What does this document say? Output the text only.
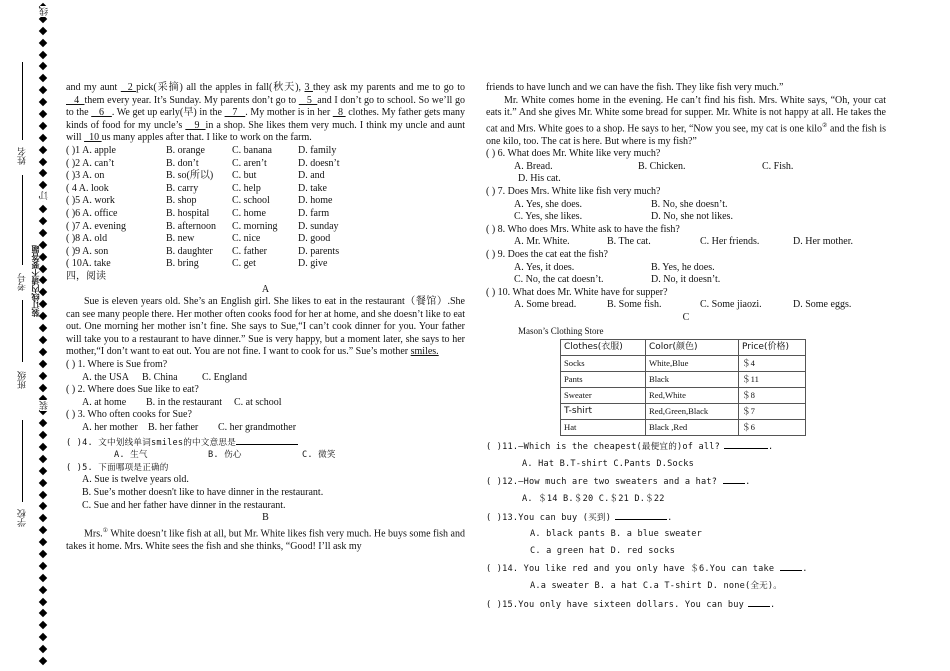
线
订
装
学校
班级
考号
姓名
装订线内请不要答题

and my aunt   2 pick(采摘) all the apples in fall(秋天), 3 they ask my parents and me to go to    4  them every year. It’s Sunday. My parents don’t go to    5  and I don’t go to school. So we’ll go to the    6   . We get up early(早) in the    7   . My mother is in her   8  clothes. My father gets many kinds of food for my uncle’s    9  in a shop. She likes them very much. I think my uncle and aunt will   10 us many apples after that. I like to work on the farm.

( )1 A. apple	B. orange	C. banana	D. family
( )2 A. can’t	B. don’t	C. aren’t	D. doesn’t
( )3 A. on	B. so(所以)	C. but	D. and
( 4 A. look	B. carry	C. help	D. take
( )5 A. work	B. shop	C. school	D. home
( )6 A. office	B. hospital	C. home	D. farm
( )7 A. evening	B. afternoon	C. morning	D. sunday
( )8 A. old	B. new	C. nice	D. good
( )9 A. son	B. daughter	C. father	D. parents
( 10A. take	B. bring	C. get	D. give

四，阅读

A

Sue is eleven years old. She’s an English girl. She likes to eat in the restaurant（餐馆）.She can see many people there. Her mother often cooks food for her at home, and she doesn’t like to eat out. One morning her mother isn’t fine. She says to Sue,“I can’t cook dinner for you. Your father will take you to a restaurant to have dinner.” Sue is very happy, but a moment later, she says to her mother,“I don’t want to eat out. You are not fine. I want to cook for us.” Sue’s mother smiles.

( ) 1. Where is Sue from?

A. the USA	B. China	C. England

( ) 2. Where does Sue like to eat?

A. at home	B. in the restaurant	C. at school

( ) 3. Who often cooks for Sue?

A. her mother	B. her father	C. her grandmother

( )4. 文中划线单词smiles的中文意思是

A. 生气	B. 伤心	C. 微笑

( )5. 下面哪项是正确的

A. Sue is twelve years old.

B. Sue’s mother doesn't like to have dinner in the restaurant.

C. Sue and her father have dinner in the restaurant.

B

Mrs.① White doesn’t like fish at all, but Mr. White likes fish very much. He buys some fish and takes it home. Mrs. White sees the fish and she thinks, “Good! I’ll ask my

friends to have lunch and we can have the fish. They like fish very much.”

Mr. White comes home in the evening. He can’t find his fish. Mrs. White says, “Oh, your cat eats it.” And she gives Mr. White some bread for supper. Mr. White is not happy at all. He takes the cat and Mrs. White goes to a shop. He says to her, “Now you see, my cat is one kilo② and the fish is one kilo, too. The cat is here. But where is my fish?”

( ) 6. What does Mr. White like very much?

A. Bread.	B. Chicken.	C. Fish.
D. His cat.

( ) 7. Does Mrs. White like fish very much?

A. Yes, she does.	B. No, she doesn’t.
C. Yes, she likes.	D. No, she not likes.

( ) 8. Who does Mrs. White ask to have the fish?

A. Mr. White.	B. The cat.	C. Her friends.	D. Her mother.

( ) 9. Does the cat eat the fish?

A. Yes, it does.	B. Yes, he does.
C. No, the cat doesn’t.	D. No, it doesn’t.

( ) 10. What does Mr. White have for supper?

A. Some bread.	B. Some fish.	C. Some jiaozi.	D. Some eggs.

C

Mason’s Clothing Store
Clothes(衣服)	Color(颜色)	Price(价格)
Socks	White,Blue	＄4
Pants	Black	＄11
Sweater	Red,White	＄8
T-shirt	Red,Green,Black	＄7
Hat	Black ,Red	＄6

( )11.—Which is the cheapest(最便宜的)of all?	.

A. Hat B.T-shirt C.Pants D.Socks

( )12.—How much are two sweaters and a hat?	.

A. ＄14 B.＄20 C.＄21 D.＄22

( )13.You can buy (买到)	.

A. black pants B. a blue sweater

C. a green hat D. red socks

( )14. You like red and you only have ＄6.You can take	.

A.a sweater B. a hat C.a T-shirt D. none(全无)。

( )15.You only have sixteen dollars. You can buy	.
